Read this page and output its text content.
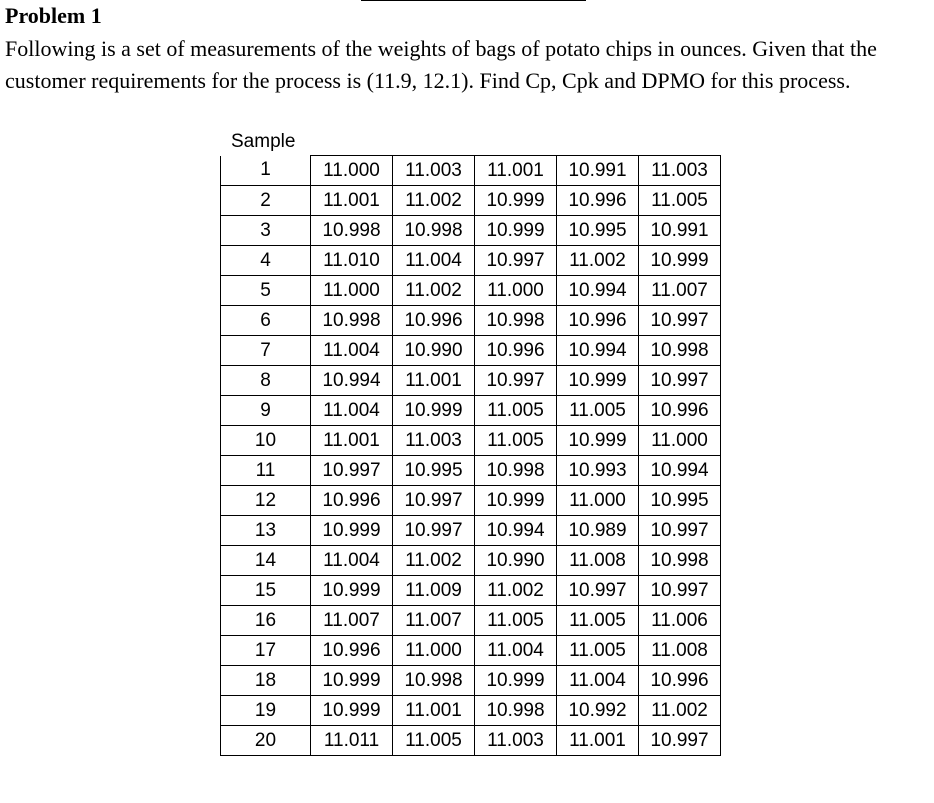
Problem 1

Following is a set of measurements of the weights of bags of potato chips in ounces. Given that the customer requirements for the process is (11.9, 12.1). Find Cp, Cpk and DPMO for this process.

Sample
1	11.000	11.003	11.001	10.991	11.003
2	11.001	11.002	10.999	10.996	11.005
3	10.998	10.998	10.999	10.995	10.991
4	11.010	11.004	10.997	11.002	10.999
5	11.000	11.002	11.000	10.994	11.007
6	10.998	10.996	10.998	10.996	10.997
7	11.004	10.990	10.996	10.994	10.998
8	10.994	11.001	10.997	10.999	10.997
9	11.004	10.999	11.005	11.005	10.996
10	11.001	11.003	11.005	10.999	11.000
11	10.997	10.995	10.998	10.993	10.994
12	10.996	10.997	10.999	11.000	10.995
13	10.999	10.997	10.994	10.989	10.997
14	11.004	11.002	10.990	11.008	10.998
15	10.999	11.009	11.002	10.997	10.997
16	11.007	11.007	11.005	11.005	11.006
17	10.996	11.000	11.004	11.005	11.008
18	10.999	10.998	10.999	11.004	10.996
19	10.999	11.001	10.998	10.992	11.002
20	11.011	11.005	11.003	11.001	10.997
